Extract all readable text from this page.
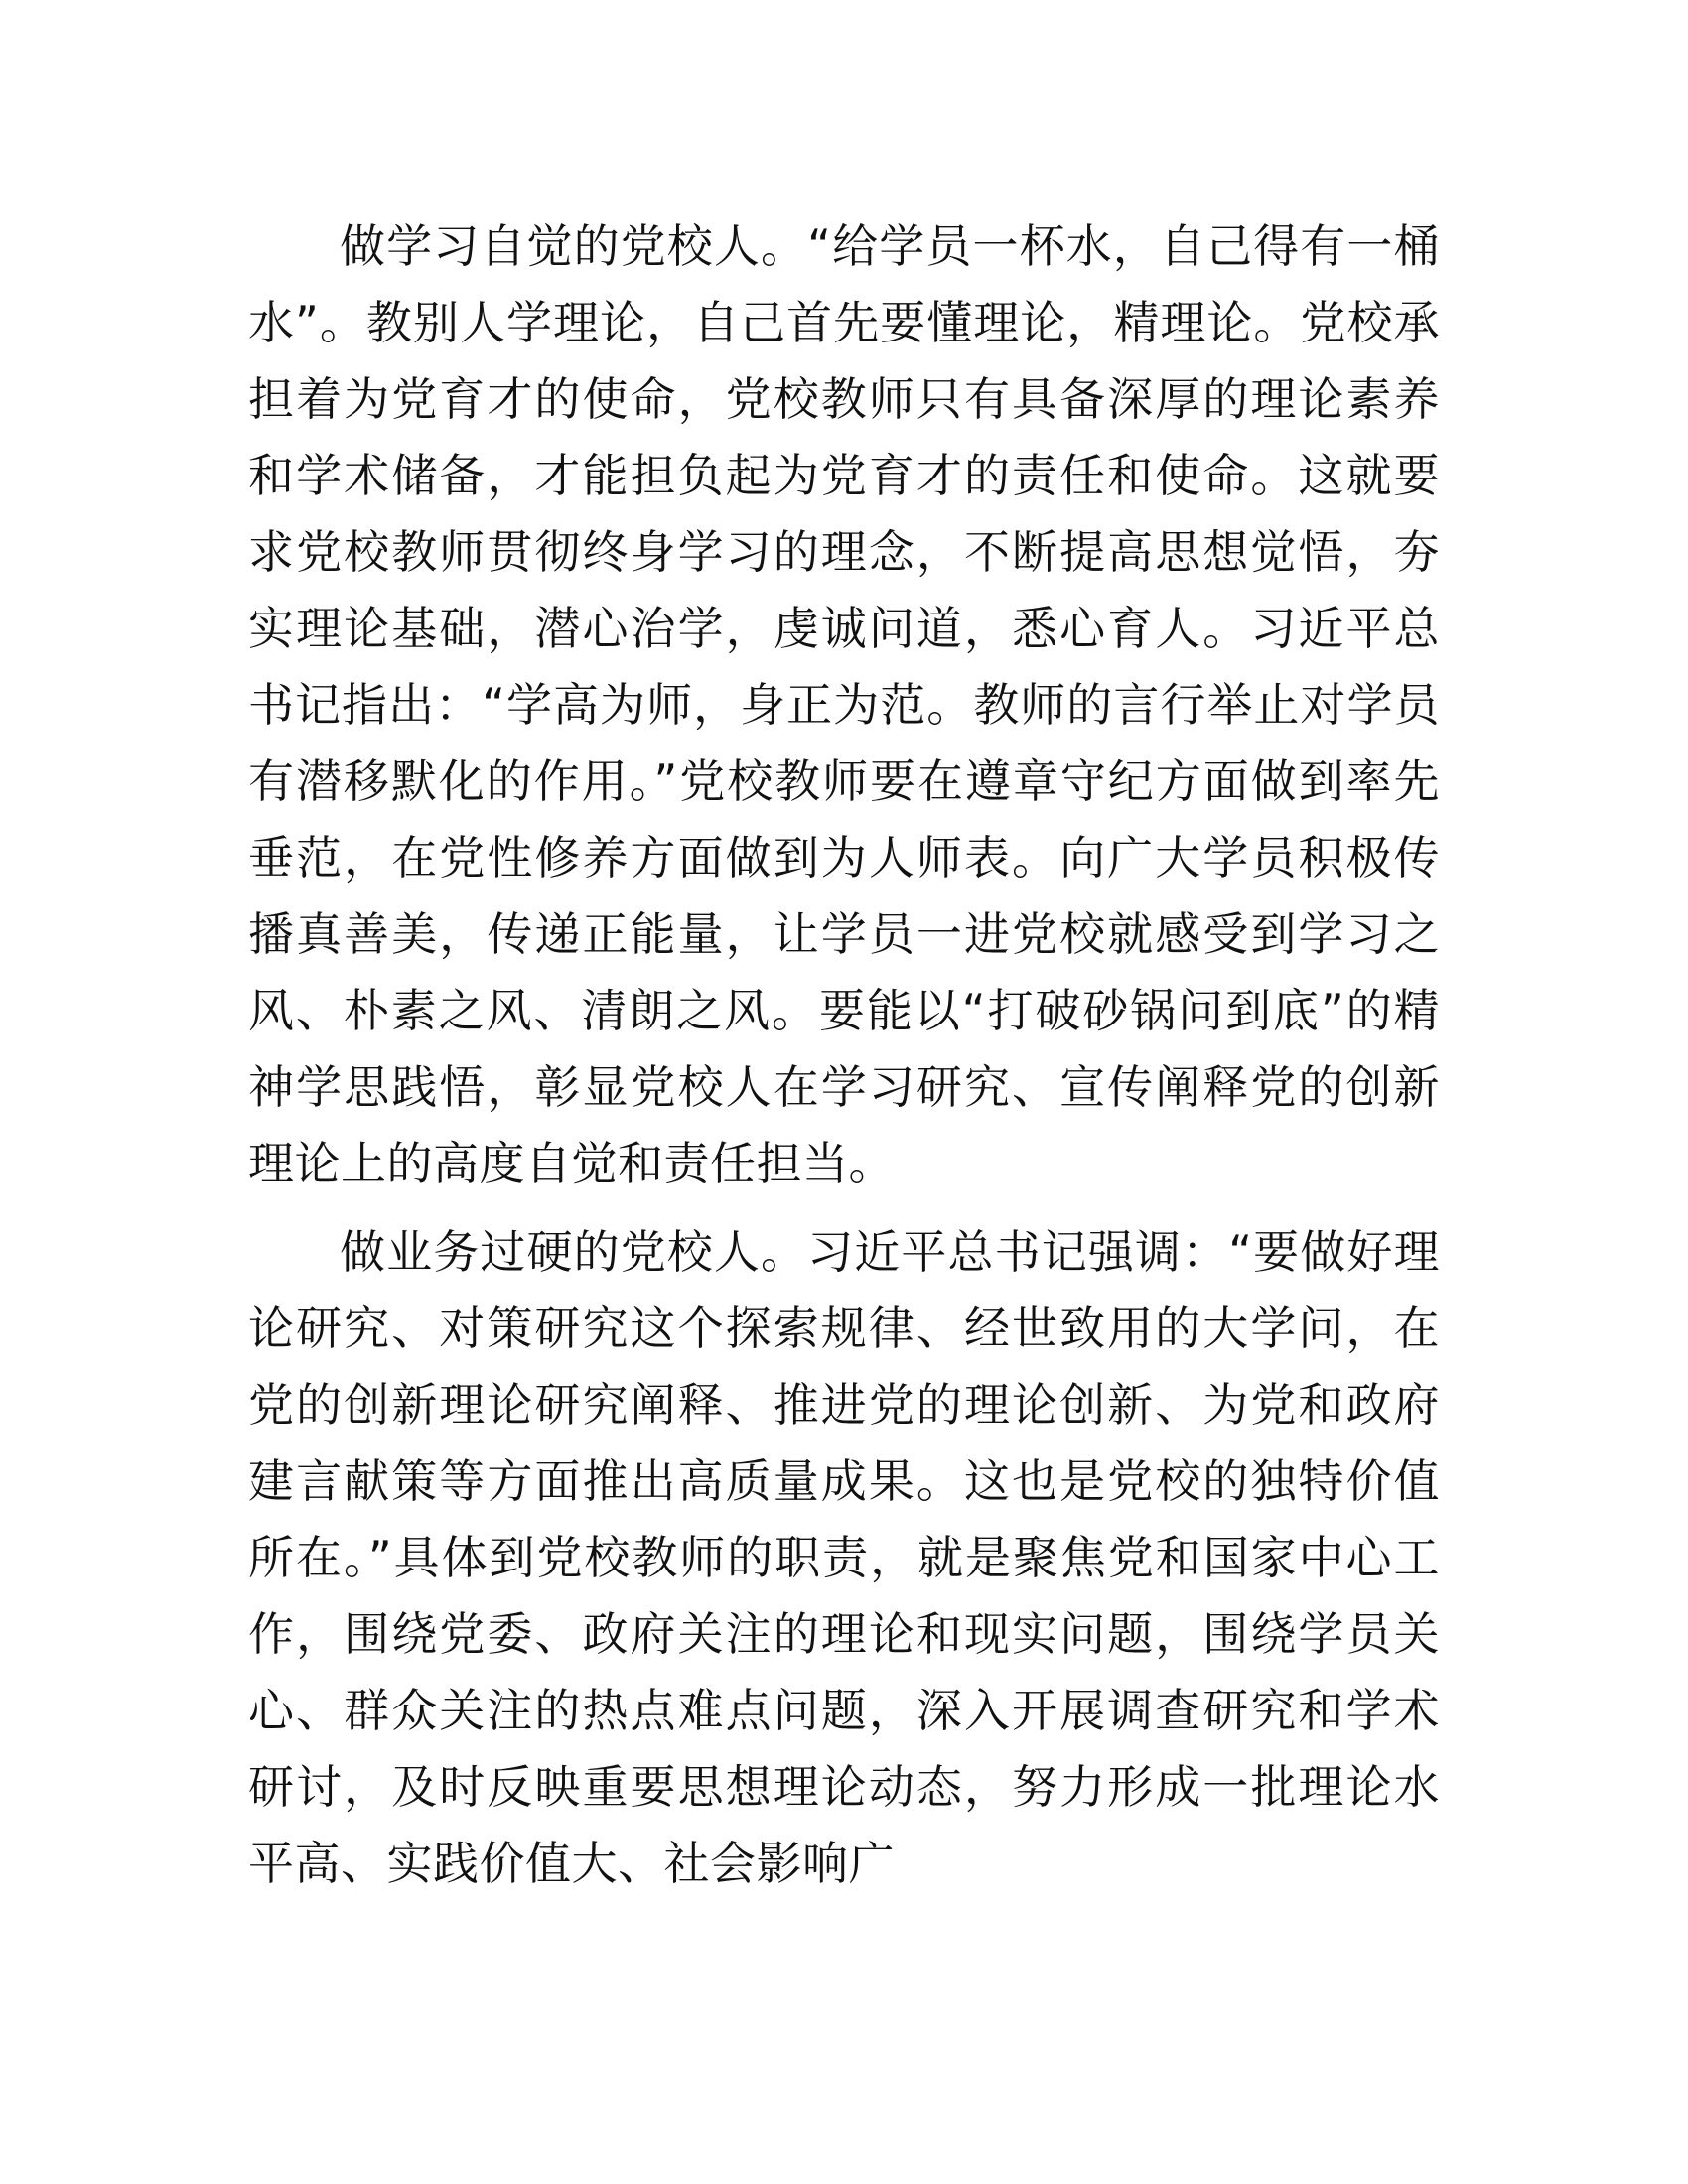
做学习自觉的党校人。“给学员一杯水，自己得有一桶水”。教别人学理论，自己首先要懂理论，精理论。党校承担着为党育才的使命，党校教师只有具备深厚的理论素养和学术储备，才能担负起为党育才的责任和使命。这就要求党校教师贯彻终身学习的理念，不断提高思想觉悟，夯实理论基础，潜心治学，虔诚问道，悉心育人。习近平总书记指出：“学高为师，身正为范。教师的言行举止对学员有潜移默化的作用。”党校教师要在遵章守纪方面做到率先垂范，在党性修养方面做到为人师表。向广大学员积极传播真善美，传递正能量，让学员一进党校就感受到学习之风、朴素之风、清朗之风。要能以“打破砂锅问到底”的精神学思践悟，彰显党校人在学习研究、宣传阐释党的创新理论上的高度自觉和责任担当。

做业务过硬的党校人。习近平总书记强调：“要做好理论研究、对策研究这个探索规律、经世致用的大学问，在党的创新理论研究阐释、推进党的理论创新、为党和政府建言献策等方面推出高质量成果。这也是党校的独特价值所在。”具体到党校教师的职责，就是聚焦党和国家中心工作，围绕党委、政府关注的理论和现实问题，围绕学员关心、群众关注的热点难点问题，深入开展调查研究和学术研讨，及时反映重要思想理论动态，努力形成一批理论水平高、实践价值大、社会影响广
